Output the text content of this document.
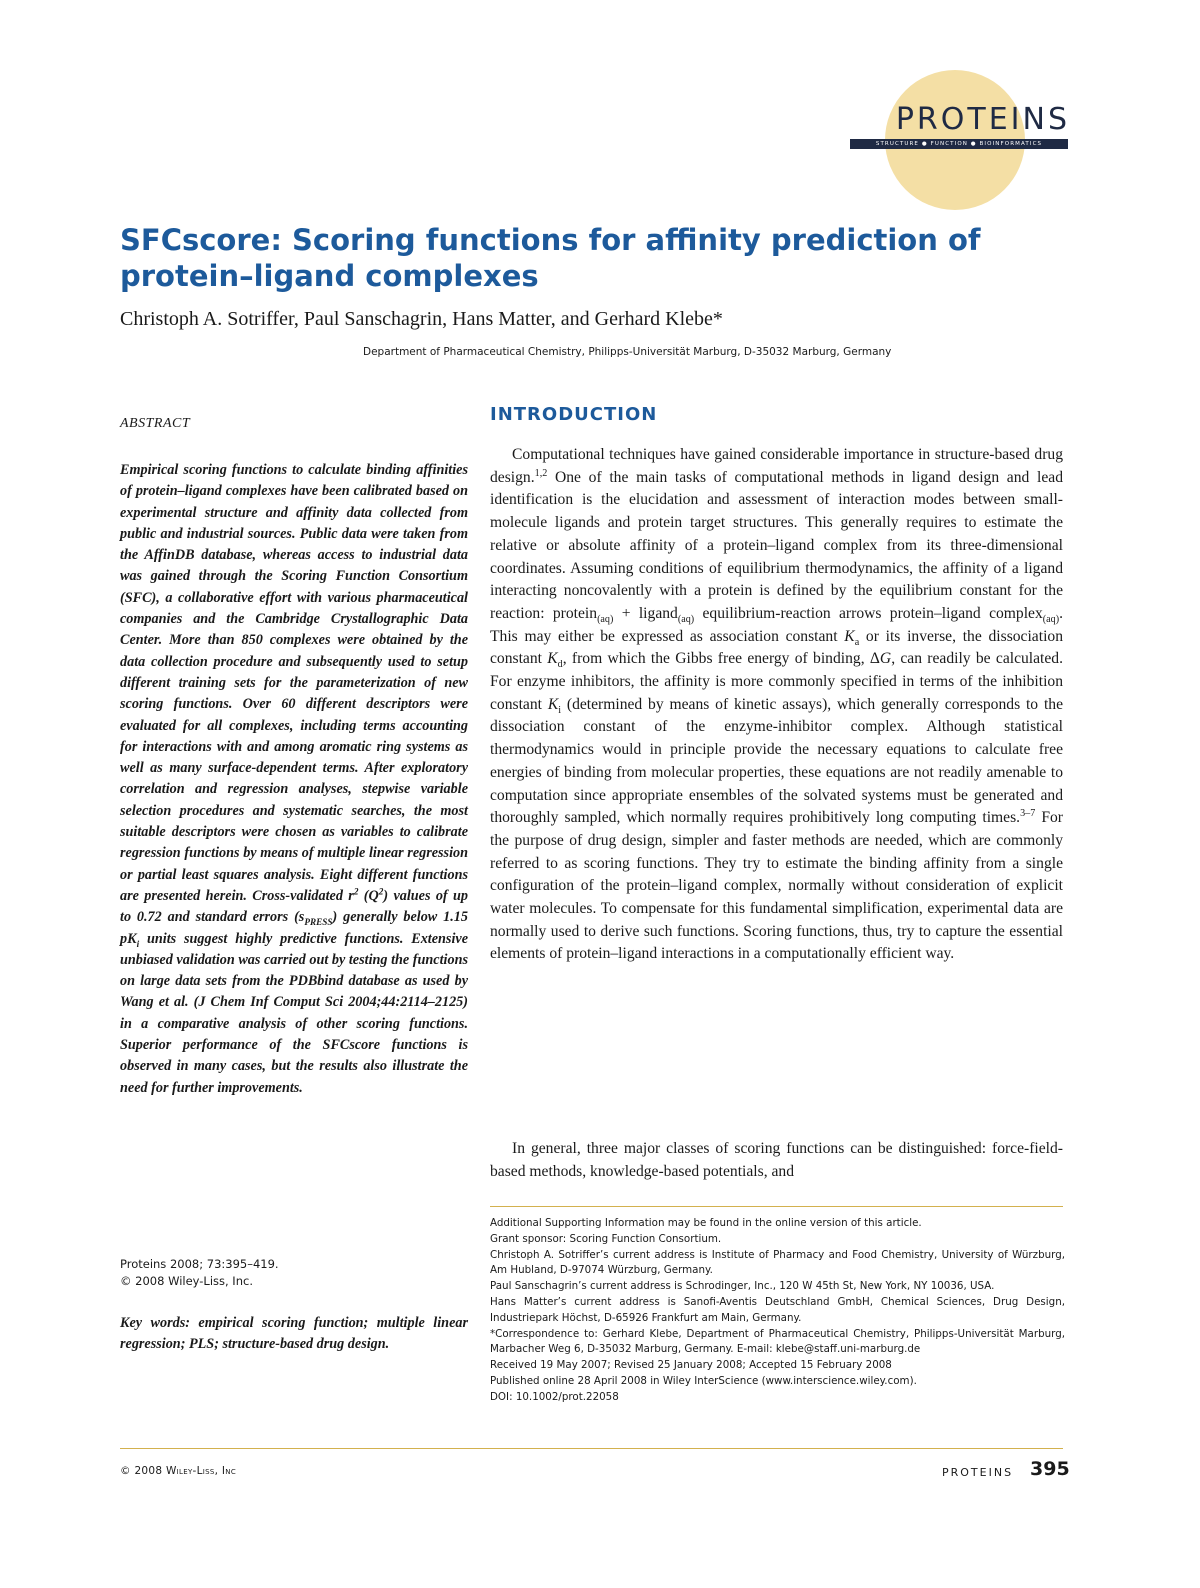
PROTEINS
STRUCTURE ● FUNCTION ● BIOINFORMATICS
SFCscore: Scoring functions for affinity prediction of protein–ligand complexes
Christoph A. Sotriffer, Paul Sanschagrin, Hans Matter, and Gerhard Klebe*
Department of Pharmaceutical Chemistry, Philipps-Universität Marburg, D-35032 Marburg, Germany
ABSTRACT

Empirical scoring functions to calculate binding affinities of protein–ligand complexes have been calibrated based on experimental structure and affinity data collected from public and industrial sources. Public data were taken from the AffinDB database, whereas access to industrial data was gained through the Scoring Function Consortium (SFC), a collaborative effort with various pharmaceutical companies and the Cambridge Crystallographic Data Center. More than 850 complexes were obtained by the data collection procedure and subsequently used to setup different training sets for the parameterization of new scoring functions. Over 60 different descriptors were evaluated for all complexes, including terms accounting for interactions with and among aromatic ring systems as well as many surface-dependent terms. After exploratory correlation and regression analyses, stepwise variable selection procedures and systematic searches, the most suitable descriptors were chosen as variables to calibrate regression functions by means of multiple linear regression or partial least squares analysis. Eight different functions are presented herein. Cross-validated $r^2$ $(Q^2)$ values of up to 0.72 and standard errors $(s_{PRESS})$ generally below 1.15 $pK_i$ units suggest highly predictive functions. Extensive unbiased validation was carried out by testing the functions on large data sets from the PDBbind database as used by Wang et al. (J Chem Inf Comput Sci 2004;44:2114–2125) in a comparative analysis of other scoring functions. Superior performance of the SFCscore functions is observed in many cases, but the results also illustrate the need for further improvements.

Proteins 2008; 73:395–419.
© 2008 Wiley-Liss, Inc.

Key words: empirical scoring function; multiple linear regression; PLS; structure-based drug design.

INTRODUCTION

Computational techniques have gained considerable importance in structure-based drug design.$^{1,2}$ One of the main tasks of computational methods in ligand design and lead identification is the elucidation and assessment of interaction modes between small-molecule ligands and protein target structures. This generally requires to estimate the relative or absolute affinity of a protein–ligand complex from its three-dimensional coordinates. Assuming conditions of equilibrium thermodynamics, the affinity of a ligand interacting noncovalently with a protein is defined by the equilibrium constant for the reaction: protein$_{(aq)}$ + ligand$_{(aq)}$ equilibrium-reaction arrows protein–ligand complex$_{(aq)}$. This may either be expressed as association constant $K_a$ or its inverse, the dissociation constant $K_d$, from which the Gibbs free energy of binding, ΔG, can readily be calculated. For enzyme inhibitors, the affinity is more commonly specified in terms of the inhibition constant $K_i$ (determined by means of kinetic assays), which generally corresponds to the dissociation constant of the enzyme-inhibitor complex. Although statistical thermodynamics would in principle provide the necessary equations to calculate free energies of binding from molecular properties, these equations are not readily amenable to computation since appropriate ensembles of the solvated systems must be generated and thoroughly sampled, which normally requires prohibitively long computing times.$^{3-7}$ For the purpose of drug design, simpler and faster methods are needed, which are commonly referred to as scoring functions. They try to estimate the binding affinity from a single configuration of the protein–ligand complex, normally without consideration of explicit water molecules. To compensate for this fundamental simplification, experimental data are normally used to derive such functions. Scoring functions, thus, try to capture the essential elements of protein–ligand interactions in a computationally efficient way.

In general, three major classes of scoring functions can be distinguished: force-field-based methods, knowledge-based potentials, and

Additional Supporting Information may be found in the online version of this article.

Grant sponsor: Scoring Function Consortium.

Christoph A. Sotriffer’s current address is Institute of Pharmacy and Food Chemistry, University of Würzburg, Am Hubland, D-97074 Würzburg, Germany.

Paul Sanschagrin’s current address is Schrodinger, Inc., 120 W 45th St, New York, NY 10036, USA.

Hans Matter’s current address is Sanofi-Aventis Deutschland GmbH, Chemical Sciences, Drug Design, Industriepark Höchst, D-65926 Frankfurt am Main, Germany.

*Correspondence to: Gerhard Klebe, Department of Pharmaceutical Chemistry, Philipps-Universität Marburg, Marbacher Weg 6, D-35032 Marburg, Germany. E-mail: klebe@staff.uni-marburg.de

Received 19 May 2007; Revised 25 January 2008; Accepted 15 February 2008

Published online 28 April 2008 in Wiley InterScience (www.interscience.wiley.com).

DOI: 10.1002/prot.22058

© 2008 Wiley-Liss, Inc	PROTEINS 395
